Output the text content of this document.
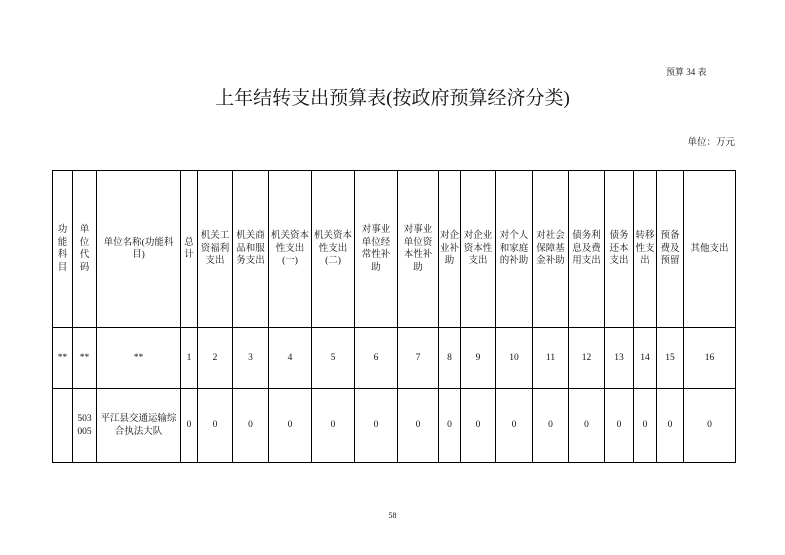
预算 34 表
上年结转支出预算表(按政府预算经济分类)
单位：万元
功
能
科
目	单
位
代
码	单位名称(功能科
目)	总
计	机关工
资福利
支出	机关商
品和服
务支出	机关资本
性支出
(一)	机关资本
性支出
(二)	对事业
单位经
常性补
助	对事业
单位资
本性补
助	对企
业补
助	对企业
资本性
支出	对个人
和家庭
的补助	对社会
保障基
金补助	债务利
息及费
用支出	债务
还本
支出	转移
性支
出	预备
费及
预留	其他支出
**	**	**	1	2	3	4	5	6	7	8	9	10	11	12	13	14	15	16
	503
005	平江县交通运输综
合执法大队	0	0	0	0	0	0	0	0	0	0	0	0	0	0	0	0
58
